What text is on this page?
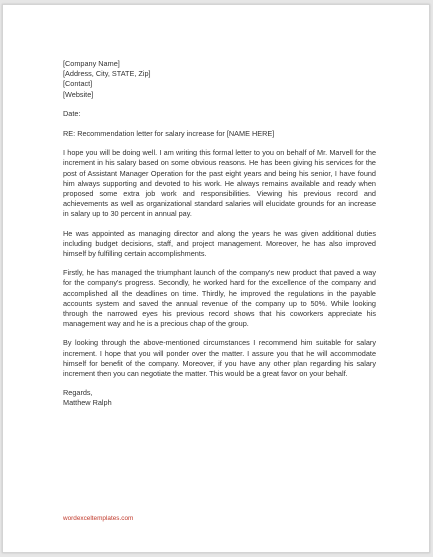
[Company Name]
[Address, City, STATE, Zip]
[Contact]
[Website]
Date:
RE: Recommendation letter for salary increase for [NAME HERE]

I hope you will be doing well. I am writing this formal letter to you on behalf of Mr. Marvell for the increment in his salary based on some obvious reasons. He has been giving his services for the post of Assistant Manager Operation for the past eight years and being his senior, I have found him always supporting and devoted to his work. He always remains available and ready when proposed some extra job work and responsibilities. Viewing his previous record and achievements as well as organizational standard salaries will elucidate grounds for an increase in salary up to 30 percent in annual pay.

He was appointed as managing director and along the years he was given additional duties including budget decisions, staff, and project management. Moreover, he has also improved himself by fulfilling certain accomplishments.

Firstly, he has managed the triumphant launch of the company's new product that paved a way for the company's progress. Secondly, he worked hard for the excellence of the company and accomplished all the deadlines on time. Thirdly, he improved the regulations in the payable accounts system and saved the annual revenue of the company up to 50%. While looking through the narrowed eyes his previous record shows that his coworkers appreciate his management way and he is a precious chap of the group.

By looking through the above-mentioned circumstances I recommend him suitable for salary increment. I hope that you will ponder over the matter. I assure you that he will accommodate himself for benefit of the company. Moreover, if you have any other plan regarding his salary increment then you can negotiate the matter. This would be a great favor on your behalf.

Regards,
Matthew Ralph
wordexceltemplates.com
